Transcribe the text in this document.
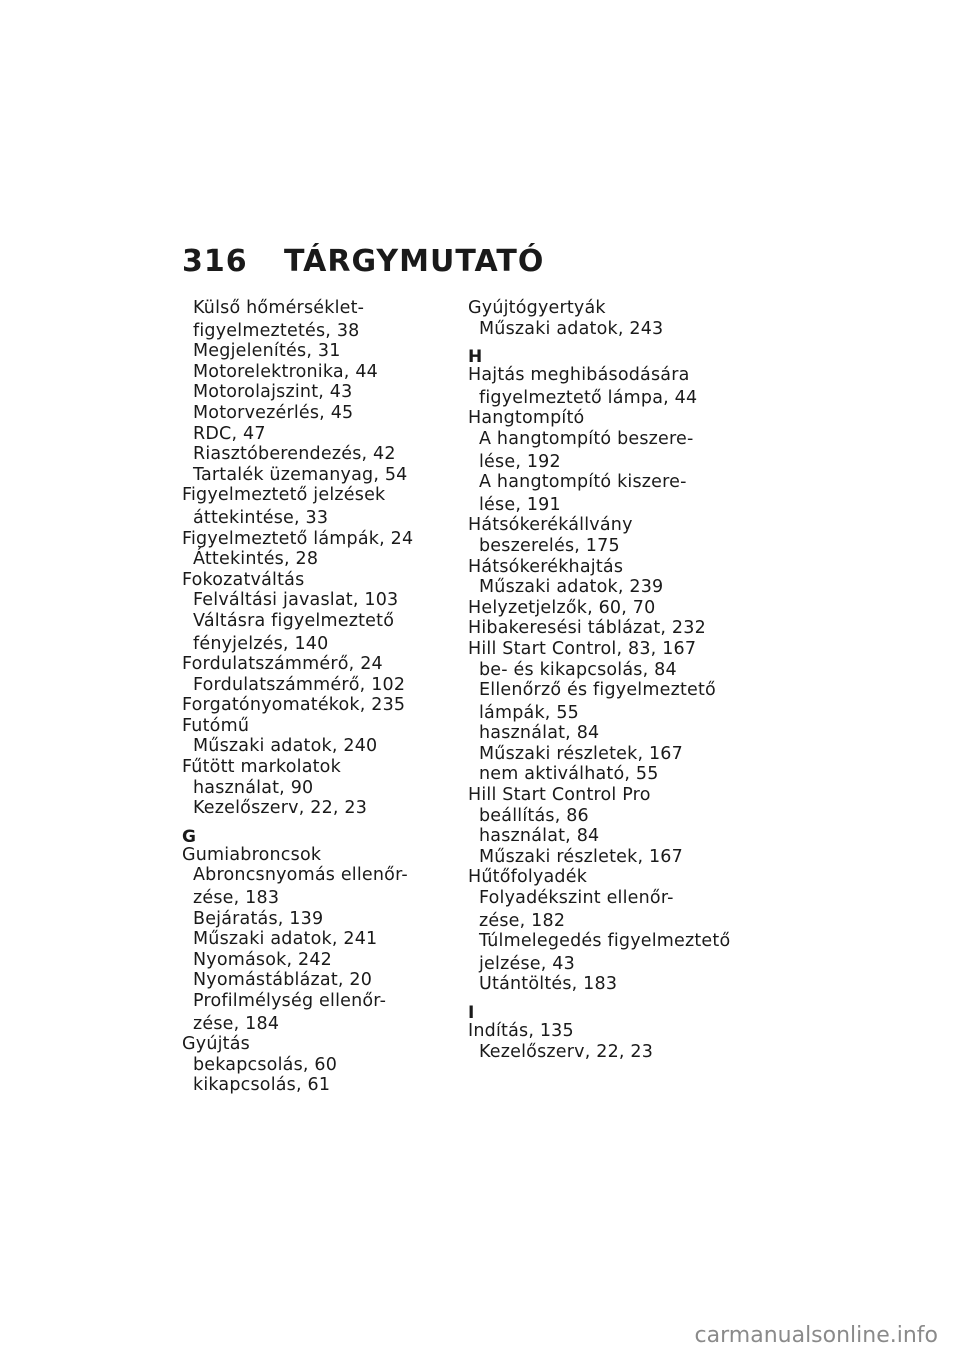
316 TÁRGYMUTATÓ
Külső hőmérséklet-
figyelmeztetés, 38
Megjelenítés, 31
Motorelektronika, 44
Motorolajszint, 43
Motorvezérlés, 45
RDC, 47
Riasztóberendezés, 42
Tartalék üzemanyag, 54
Figyelmeztető jelzések
áttekintése, 33
Figyelmeztető lámpák, 24
Áttekintés, 28
Fokozatváltás
Felváltási javaslat, 103
Váltásra figyelmeztető
fényjelzés, 140
Fordulatszámmérő, 24
Fordulatszámmérő, 102
Forgatónyomatékok, 235
Futómű
Műszaki adatok, 240
Fűtött markolatok
használat, 90
Kezelőszerv, 22, 23
G
Gumiabroncsok
Abroncsnyomás ellenőr-
zése, 183
Bejáratás, 139
Műszaki adatok, 241
Nyomások, 242
Nyomástáblázat, 20
Profilmélység ellenőr-
zése, 184
Gyújtás
bekapcsolás, 60
kikapcsolás, 61
Gyújtógyertyák
Műszaki adatok, 243
H
Hajtás meghibásodására
figyelmeztető lámpa, 44
Hangtompító
A hangtompító beszere-
lése, 192
A hangtompító kiszere-
lése, 191
Hátsókerékállvány
beszerelés, 175
Hátsókerékhajtás
Műszaki adatok, 239
Helyzetjelzők, 60, 70
Hibakeresési táblázat, 232
Hill Start Control, 83, 167
be- és kikapcsolás, 84
Ellenőrző és figyelmeztető
lámpák, 55
használat, 84
Műszaki részletek, 167
nem aktiválható, 55
Hill Start Control Pro
beállítás, 86
használat, 84
Műszaki részletek, 167
Hűtőfolyadék
Folyadékszint ellenőr-
zése, 182
Túlmelegedés figyelmeztető
jelzése, 43
Utántöltés, 183
I
Indítás, 135
Kezelőszerv, 22, 23
carmanualsonline.info
